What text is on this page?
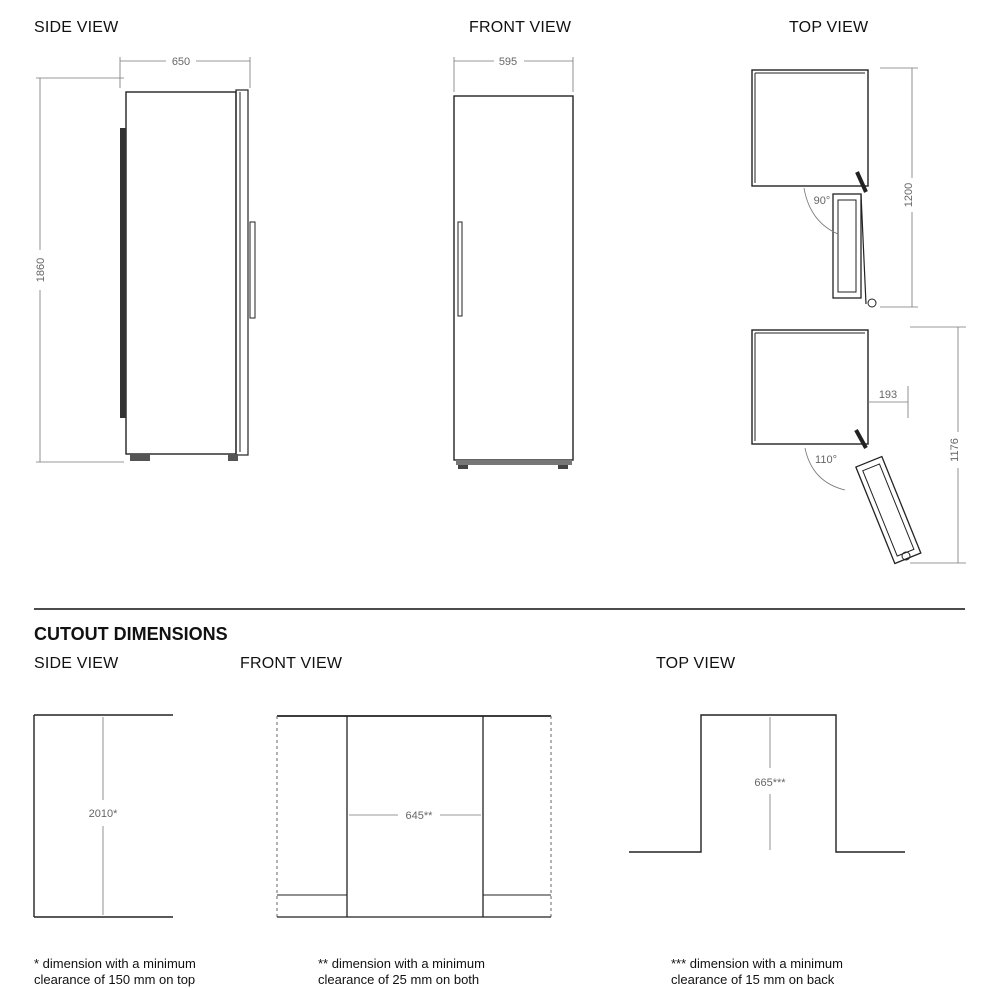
SIDE VIEW	FRONT VIEW	TOP VIEW
650
1860
595
90°	1200
193
110°	1176
2010*	645**
665***
CUTOUT DIMENSIONS
SIDE VIEW	FRONT VIEW	TOP VIEW
* dimension with a minimum
clearance of 150 mm on top
** dimension with a minimum
clearance of 25 mm on both
*** dimension with a minimum
clearance of 15 mm on back
